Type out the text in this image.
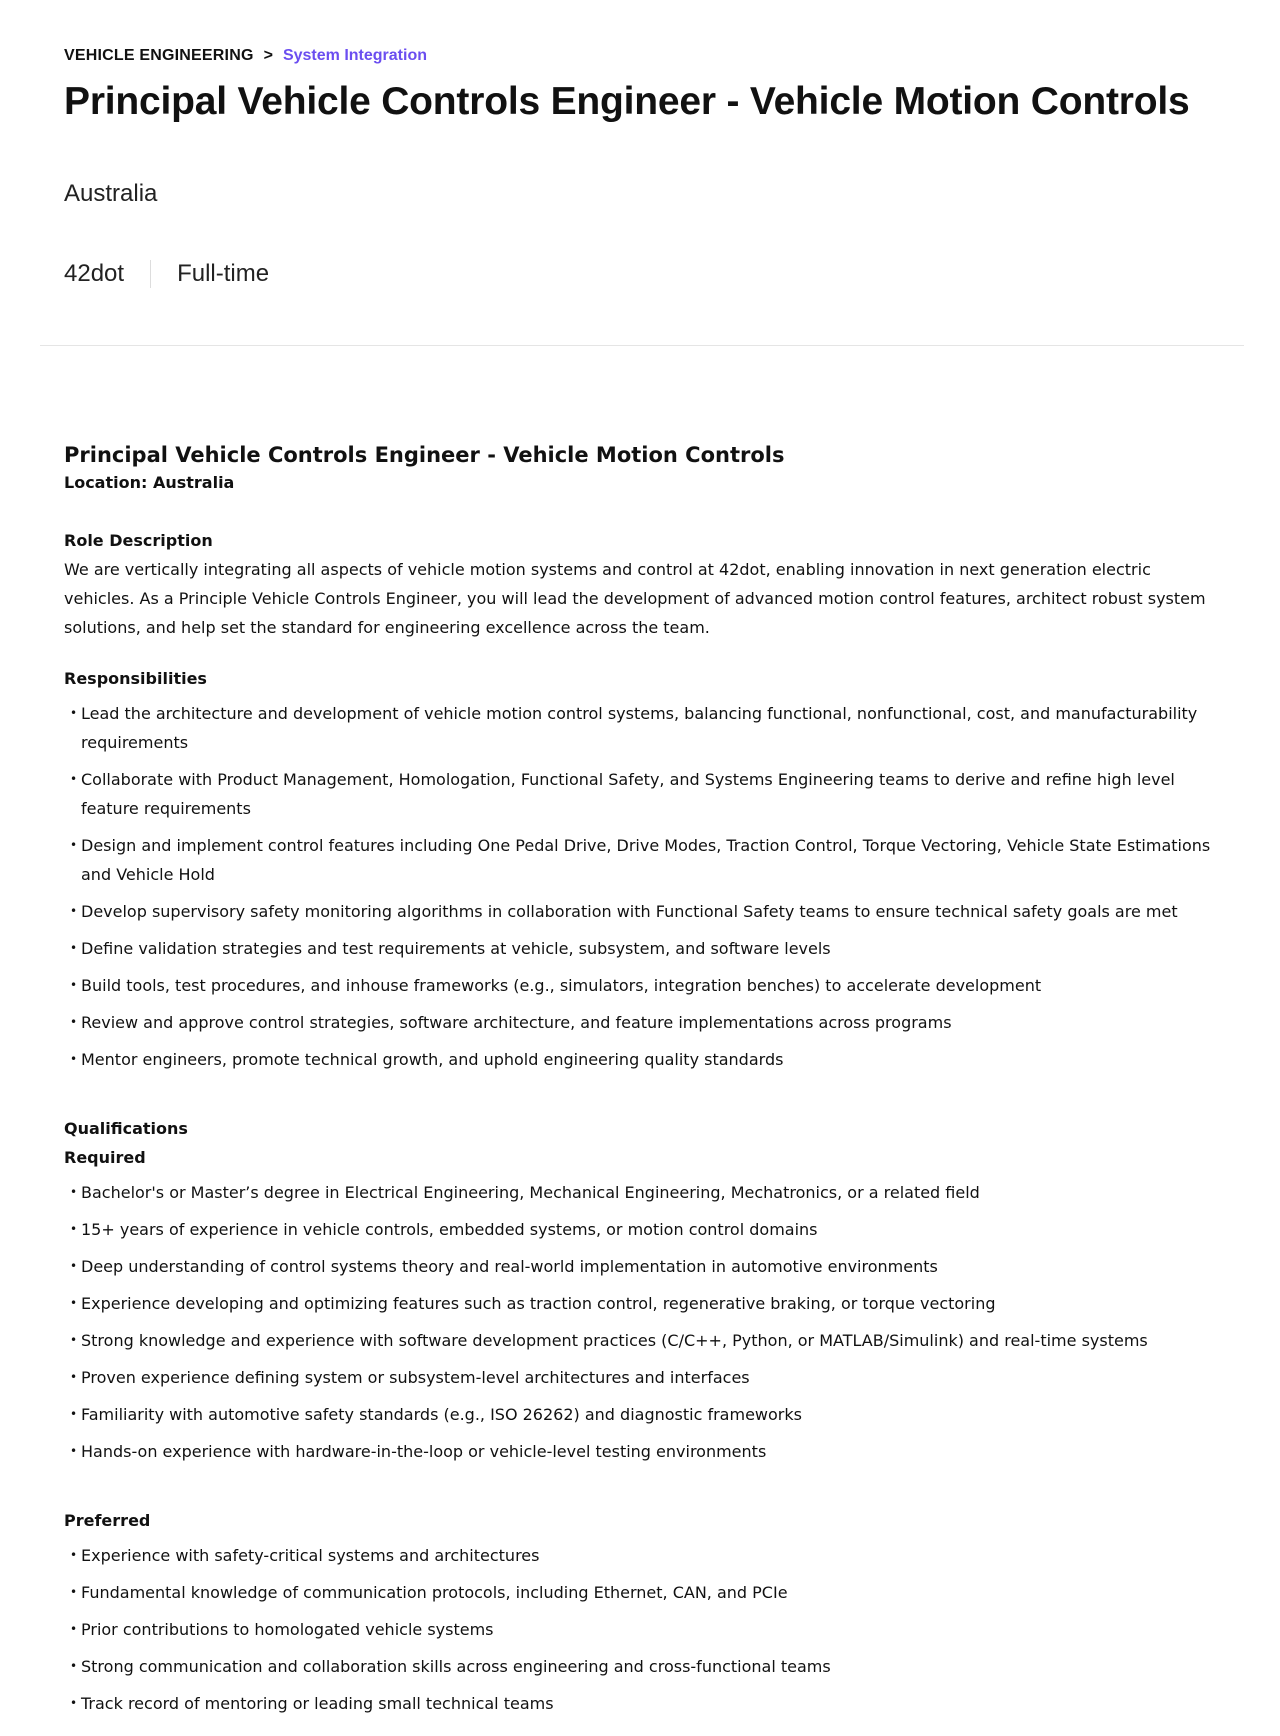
VEHICLE ENGINEERING > System Integration
Principal Vehicle Controls Engineer - Vehicle Motion Controls
Australia
42dot Full-time
Principal Vehicle Controls Engineer - Vehicle Motion Controls
Location: Australia
Role Description

We are vertically integrating all aspects of vehicle motion systems and control at 42dot, enabling innovation in next generation electric vehicles. As a Principle Vehicle Controls Engineer, you will lead the development of advanced motion control features, architect robust system solutions, and help set the standard for engineering excellence across the team.

Responsibilities
• Lead the architecture and development of vehicle motion control systems, balancing functional, nonfunctional, cost, and manufacturability requirements
• Collaborate with Product Management, Homologation, Functional Safety, and Systems Engineering teams to derive and refine high level feature requirements
• Design and implement control features including One Pedal Drive, Drive Modes, Traction Control, Torque Vectoring, Vehicle State Estimations and Vehicle Hold
• Develop supervisory safety monitoring algorithms in collaboration with Functional Safety teams to ensure technical safety goals are met
• Define validation strategies and test requirements at vehicle, subsystem, and software levels
• Build tools, test procedures, and inhouse frameworks (e.g., simulators, integration benches) to accelerate development
• Review and approve control strategies, software architecture, and feature implementations across programs
• Mentor engineers, promote technical growth, and uphold engineering quality standards
Qualifications
Required
• Bachelor's or Master’s degree in Electrical Engineering, Mechanical Engineering, Mechatronics, or a related field
• 15+ years of experience in vehicle controls, embedded systems, or motion control domains
• Deep understanding of control systems theory and real-world implementation in automotive environments
• Experience developing and optimizing features such as traction control, regenerative braking, or torque vectoring
• Strong knowledge and experience with software development practices (C/C++, Python, or MATLAB/Simulink) and real-time systems
• Proven experience defining system or subsystem-level architectures and interfaces
• Familiarity with automotive safety standards (e.g., ISO 26262) and diagnostic frameworks
• Hands-on experience with hardware-in-the-loop or vehicle-level testing environments
Preferred
• Experience with safety-critical systems and architectures
• Fundamental knowledge of communication protocols, including Ethernet, CAN, and PCIe
• Prior contributions to homologated vehicle systems
• Strong communication and collaboration skills across engineering and cross-functional teams
• Track record of mentoring or leading small technical teams
